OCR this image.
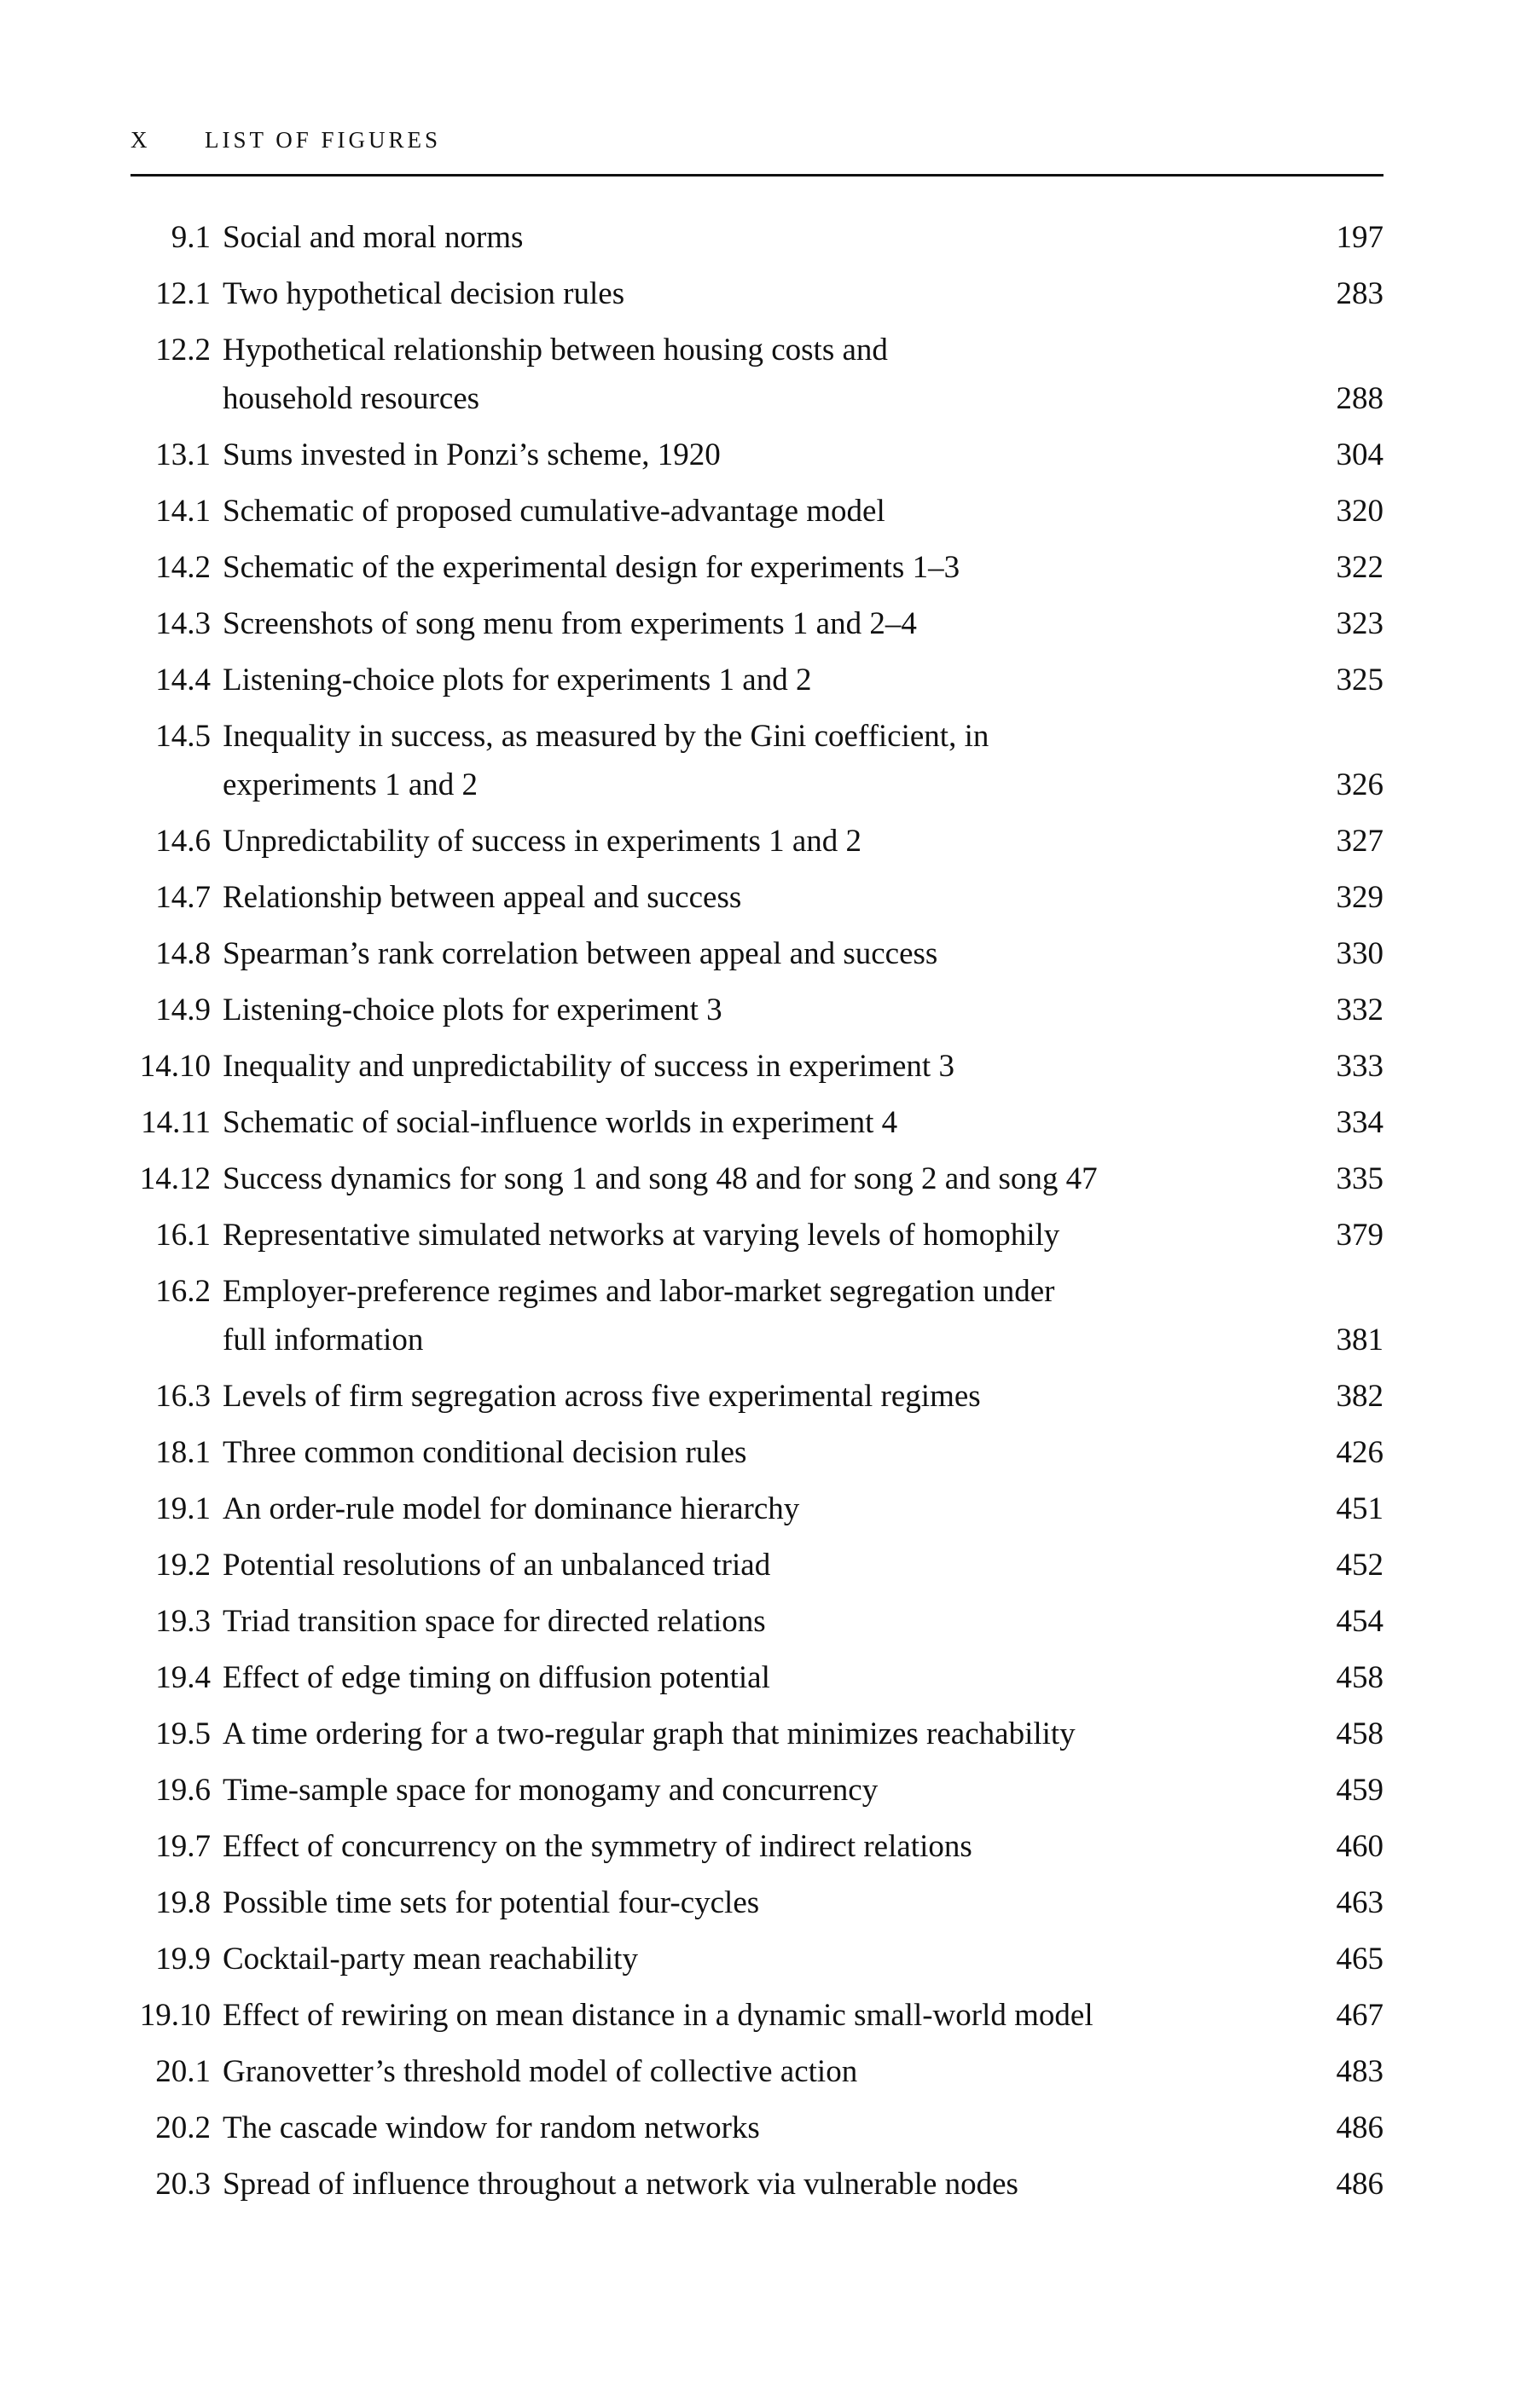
X LIST OF FIGURES
9.1 Social and moral norms	197
12.1 Two hypothetical decision rules	283
12.2 Hypothetical relationship between housing costs and
household resources	288
13.1 Sums invested in Ponzi’s scheme, 1920	304
14.1 Schematic of proposed cumulative-advantage model	320
14.2 Schematic of the experimental design for experiments 1–3	322
14.3 Screenshots of song menu from experiments 1 and 2–4	323
14.4 Listening-choice plots for experiments 1 and 2	325
14.5 Inequality in success, as measured by the Gini coefficient, in
experiments 1 and 2	326
14.6 Unpredictability of success in experiments 1 and 2	327
14.7 Relationship between appeal and success	329
14.8 Spearman’s rank correlation between appeal and success	330
14.9 Listening-choice plots for experiment 3	332
14.10 Inequality and unpredictability of success in experiment 3	333
14.11 Schematic of social-influence worlds in experiment 4	334
14.12 Success dynamics for song 1 and song 48 and for song 2 and song 47	335
16.1 Representative simulated networks at varying levels of homophily	379
16.2 Employer-preference regimes and labor-market segregation under
full information	381
16.3 Levels of firm segregation across five experimental regimes	382
18.1 Three common conditional decision rules	426
19.1 An order-rule model for dominance hierarchy	451
19.2 Potential resolutions of an unbalanced triad	452
19.3 Triad transition space for directed relations	454
19.4 Effect of edge timing on diffusion potential	458
19.5 A time ordering for a two-regular graph that minimizes reachability	458
19.6 Time-sample space for monogamy and concurrency	459
19.7 Effect of concurrency on the symmetry of indirect relations	460
19.8 Possible time sets for potential four-cycles	463
19.9 Cocktail-party mean reachability	465
19.10 Effect of rewiring on mean distance in a dynamic small-world model	467
20.1 Granovetter’s threshold model of collective action	483
20.2 The cascade window for random networks	486
20.3 Spread of influence throughout a network via vulnerable nodes	486
